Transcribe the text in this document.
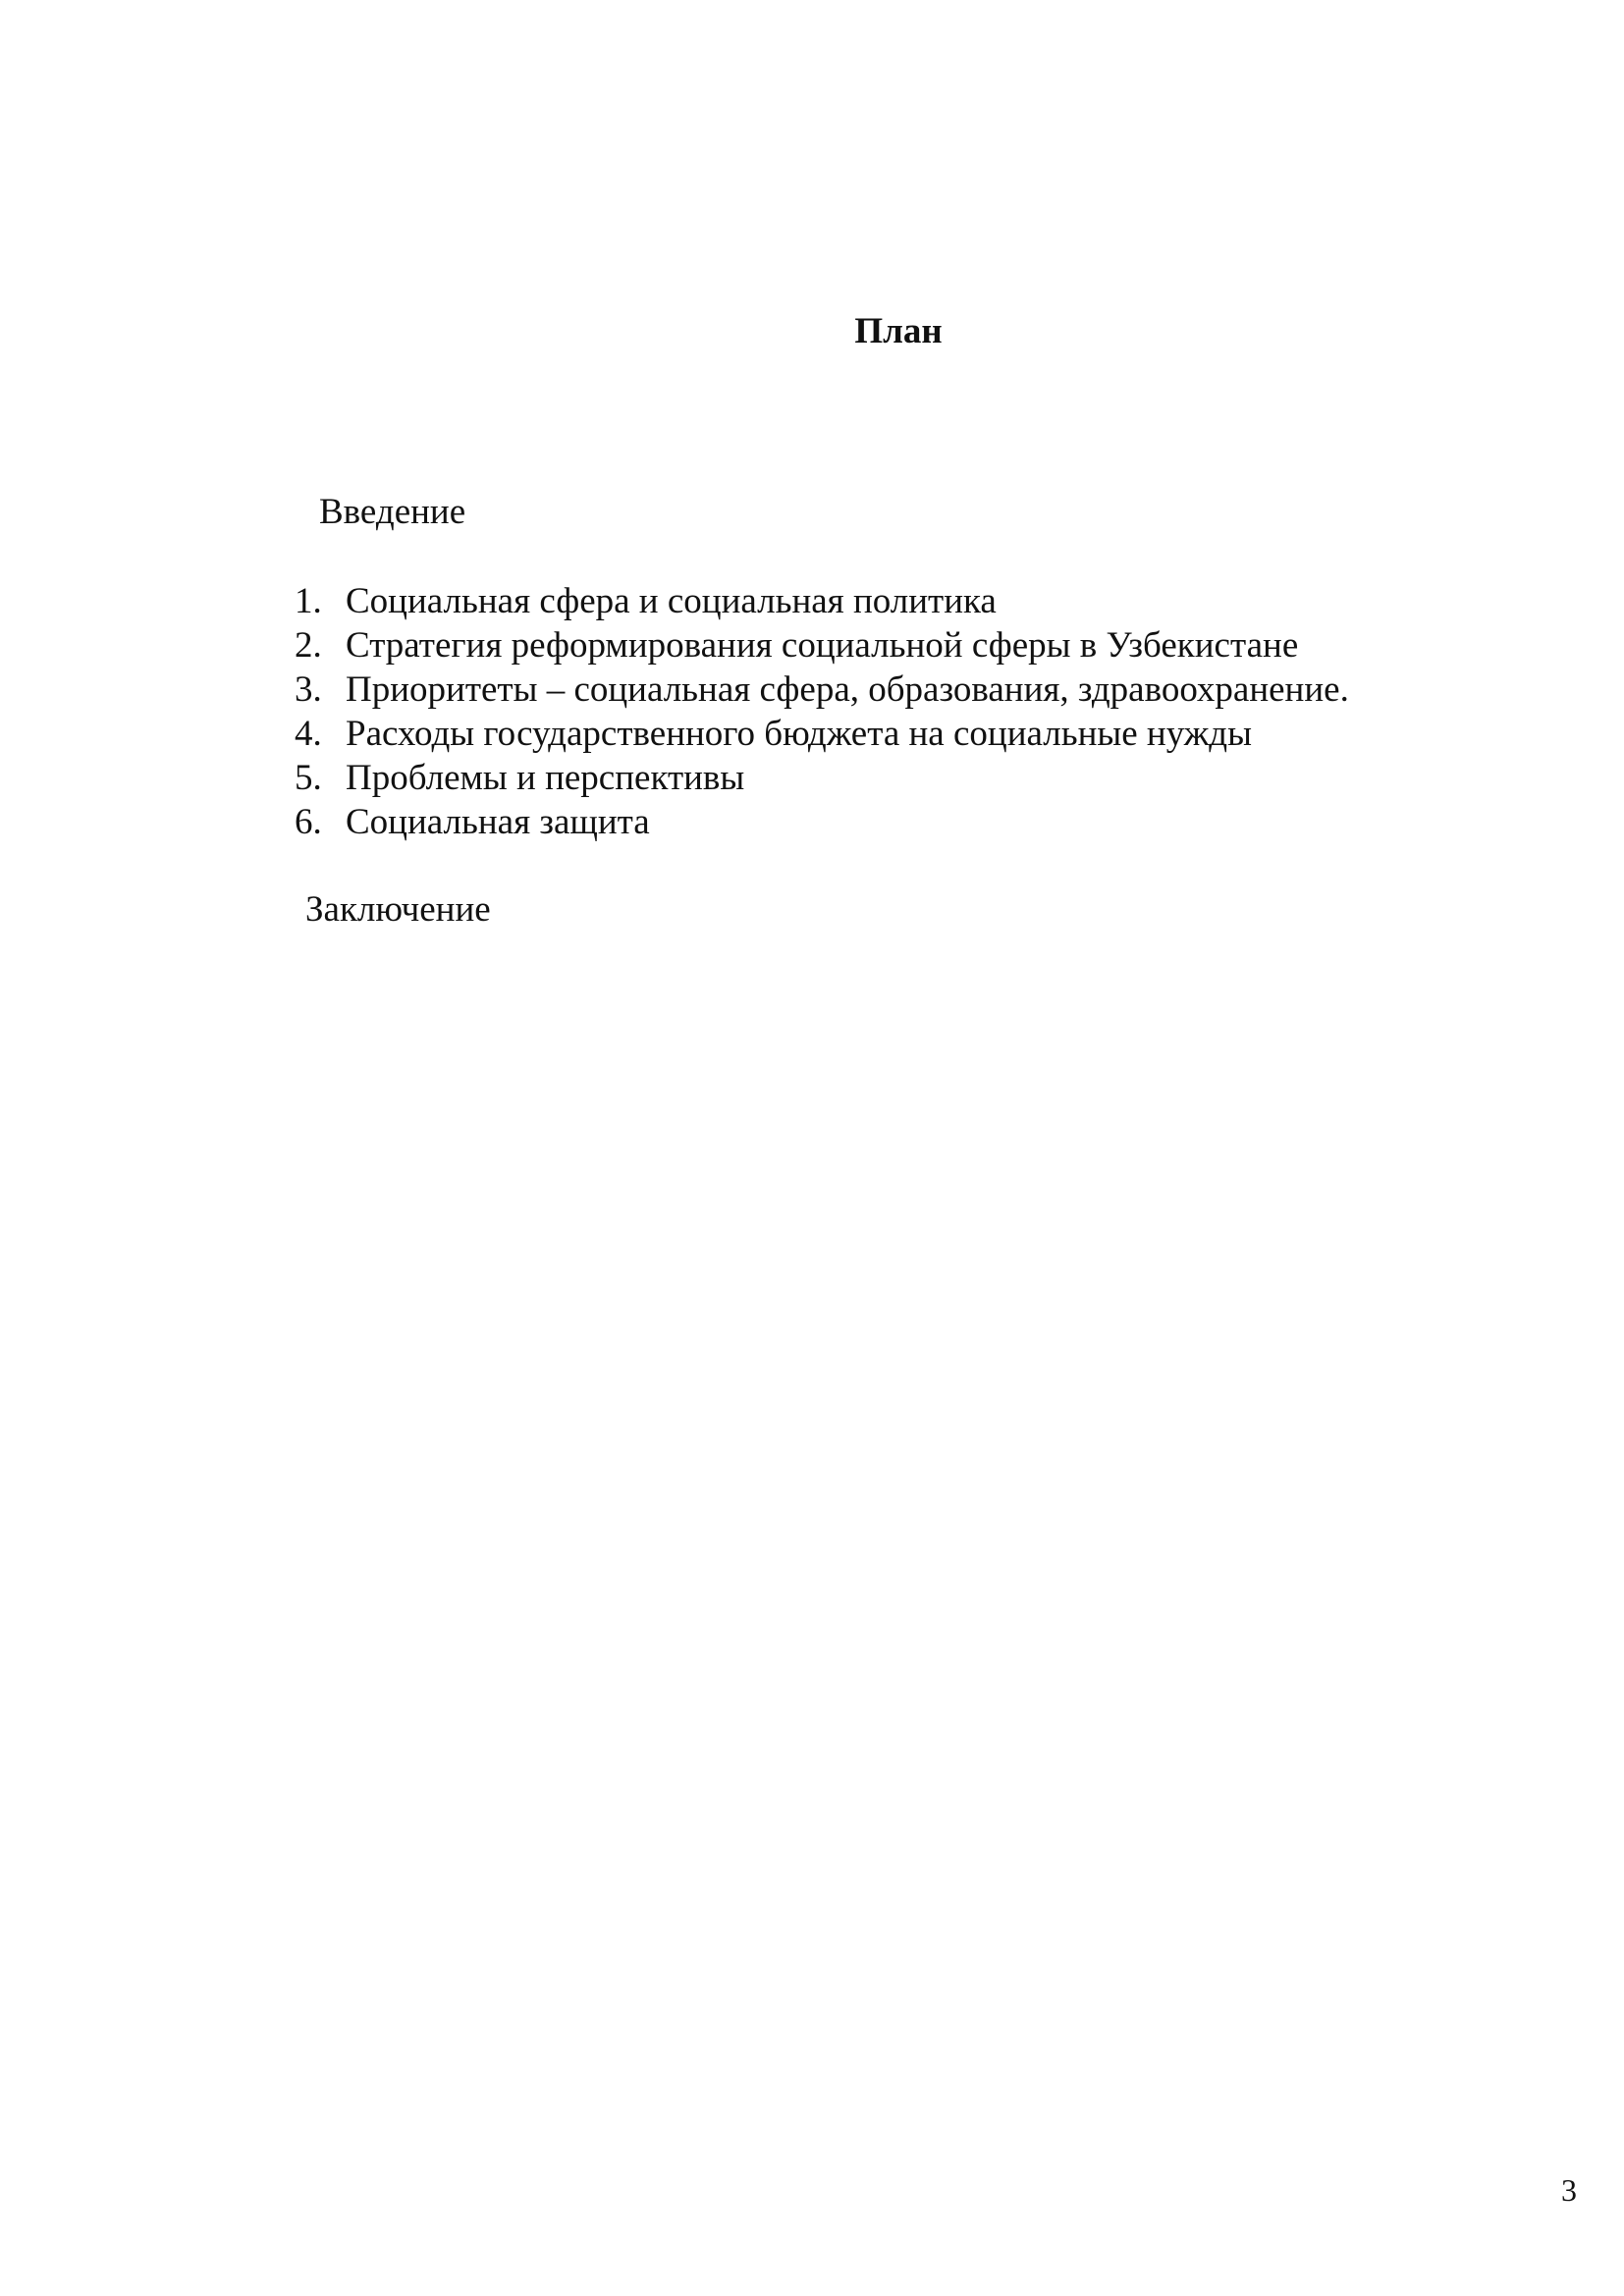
План
Введение
1. Социальная сфера и социальная политика
2. Стратегия реформирования социальной сферы в Узбекистане
3. Приоритеты – социальная сфера, образования, здравоохранение.
4. Расходы государственного бюджета на социальные нужды
5. Проблемы и перспективы
6. Социальная защита
Заключение
3
